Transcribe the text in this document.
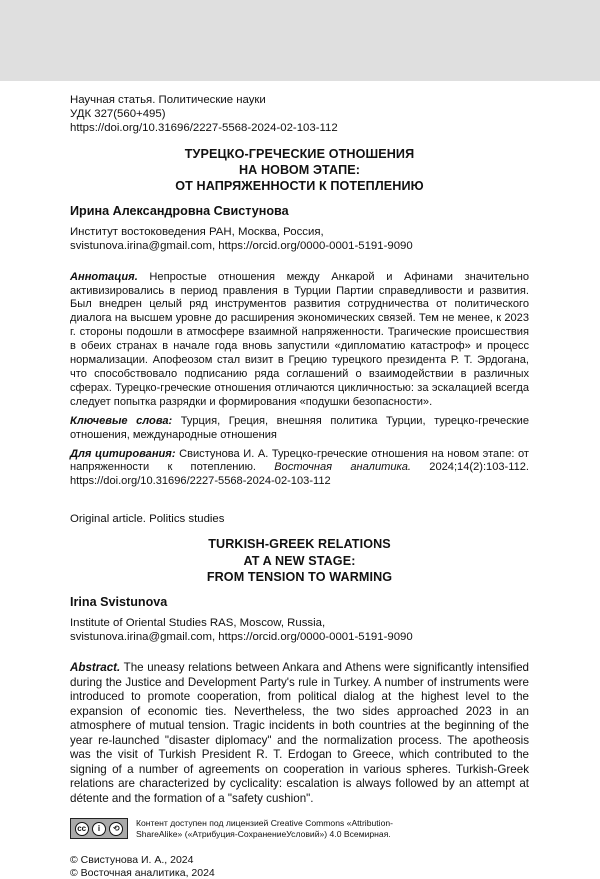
Научная статья. Политические науки
УДК 327(560+495)
https://doi.org/10.31696/2227-5568-2024-02-103-112
ТУРЕЦКО-ГРЕЧЕСКИЕ ОТНОШЕНИЯ
НА НОВОМ ЭТАПЕ:
ОТ НАПРЯЖЕННОСТИ К ПОТЕПЛЕНИЮ
Ирина Александровна Свистунова
Институт востоковедения РАН, Москва, Россия,
svistunova.irina@gmail.com, https://orcid.org/0000-0001-5191-9090
Аннотация. Непростые отношения между Анкарой и Афинами значительно активизировались в период правления в Турции Партии справедливости и развития. Был внедрен целый ряд инструментов развития сотрудничества от политического диалога на высшем уровне до расширения экономических связей. Тем не менее, к 2023 г. стороны подошли в атмосфере взаимной напряженности. Трагические происшествия в обеих странах в начале года вновь запустили «дипломатию катастроф» и процесс нормализации. Апофеозом стал визит в Грецию турецкого президента Р. Т. Эрдогана, что способствовало подписанию ряда соглашений о взаимодействии в различных сферах. Турецко-греческие отношения отличаются цикличностью: за эскалацией всегда следует попытка разрядки и формирования «подушки безопасности».
Ключевые слова: Турция, Греция, внешняя политика Турции, турецко-греческие отношения, международные отношения
Для цитирования: Свистунова И. А. Турецко-греческие отношения на новом этапе: от напряженности к потеплению. Восточная аналитика. 2024;14(2):103-112. https://doi.org/10.31696/2227-5568-2024-02-103-112
Original article. Politics studies
TURKISH-GREEK RELATIONS
AT A NEW STAGE:
FROM TENSION TO WARMING
Irina Svistunova
Institute of Oriental Studies RAS, Moscow, Russia,
svistunova.irina@gmail.com, https://orcid.org/0000-0001-5191-9090
Abstract. The uneasy relations between Ankara and Athens were significantly intensified during the Justice and Development Party's rule in Turkey. A number of instruments were introduced to promote cooperation, from political dialog at the highest level to the expansion of economic ties. Nevertheless, the two sides approached 2023 in an atmosphere of mutual tension. Tragic incidents in both countries at the beginning of the year re-launched "disaster diplomacy" and the normalization process. The apotheosis was the visit of Turkish President R. T. Erdogan to Greece, which contributed to the signing of a number of agreements on cooperation in various spheres. Turkish-Greek relations are characterized by cyclicality: escalation is always followed by an attempt at détente and the formation of a "safety cushion".
cc	i	⟲
Контент доступен под лицензией Creative Commons «Attribution-
ShareAlike» («Атрибуция-СохранениеУсловий») 4.0 Всемирная.
© Свистунова И. А., 2024
© Восточная аналитика, 2024
